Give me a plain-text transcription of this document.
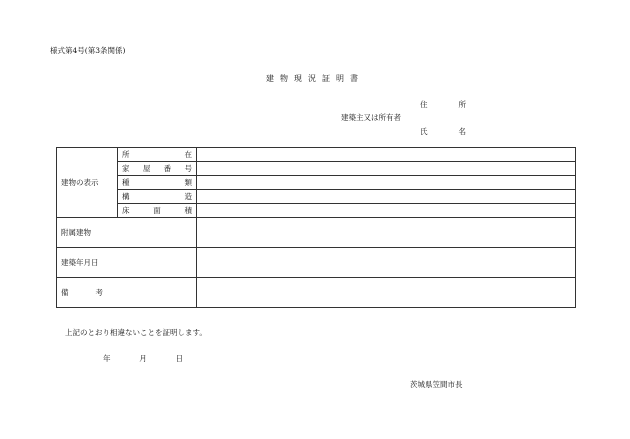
様式第4号(第3条関係)
建物現況証明書
住	所
建築主又は所有者
氏	名
建物の表示	所 在	

	家 屋 番 号	

	種 類	

	構 造	

	床 面 積	

附属建物		
建築年月日		

備 考		

上記のとおり相違ないことを証明します。
年	月	日
茨城県笠間市長
